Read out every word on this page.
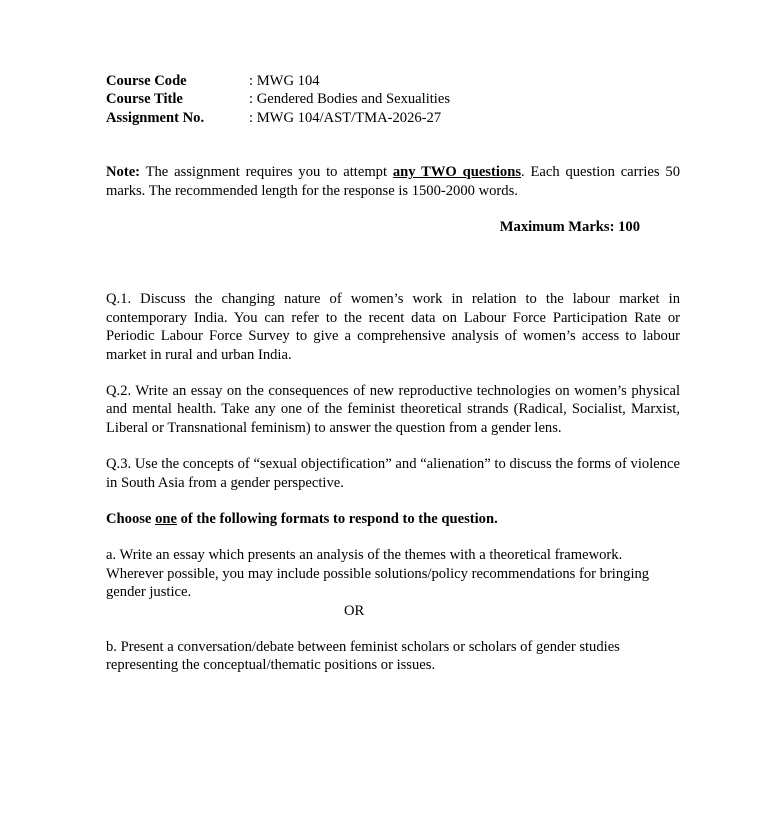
Course Code	: MWG 104
Course Title	: Gendered Bodies and Sexualities
Assignment No.	: MWG 104/AST/TMA-2026-27

Note: The assignment requires you to attempt any TWO questions. Each question carries 50 marks. The recommended length for the response is 1500-2000 words.

Maximum Marks: 100

Q.1. Discuss the changing nature of women’s work in relation to the labour market in contemporary India. You can refer to the recent data on Labour Force Participation Rate or Periodic Labour Force Survey to give a comprehensive analysis of women’s access to labour market in rural and urban India.

Q.2. Write an essay on the consequences of new reproductive technologies on women’s physical and mental health. Take any one of the feminist theoretical strands (Radical, Socialist, Marxist, Liberal or Transnational feminism) to answer the question from a gender lens.

Q.3. Use the concepts of “sexual objectification” and “alienation” to discuss the forms of violence in South Asia from a gender perspective.

Choose one of the following formats to respond to the question.
a. Write an essay which presents an analysis of the themes with a theoretical framework. Wherever possible, you may include possible solutions/policy recommendations for bringing gender justice.
OR
b. Present a conversation/debate between feminist scholars or scholars of gender studies representing the conceptual/thematic positions or issues.
